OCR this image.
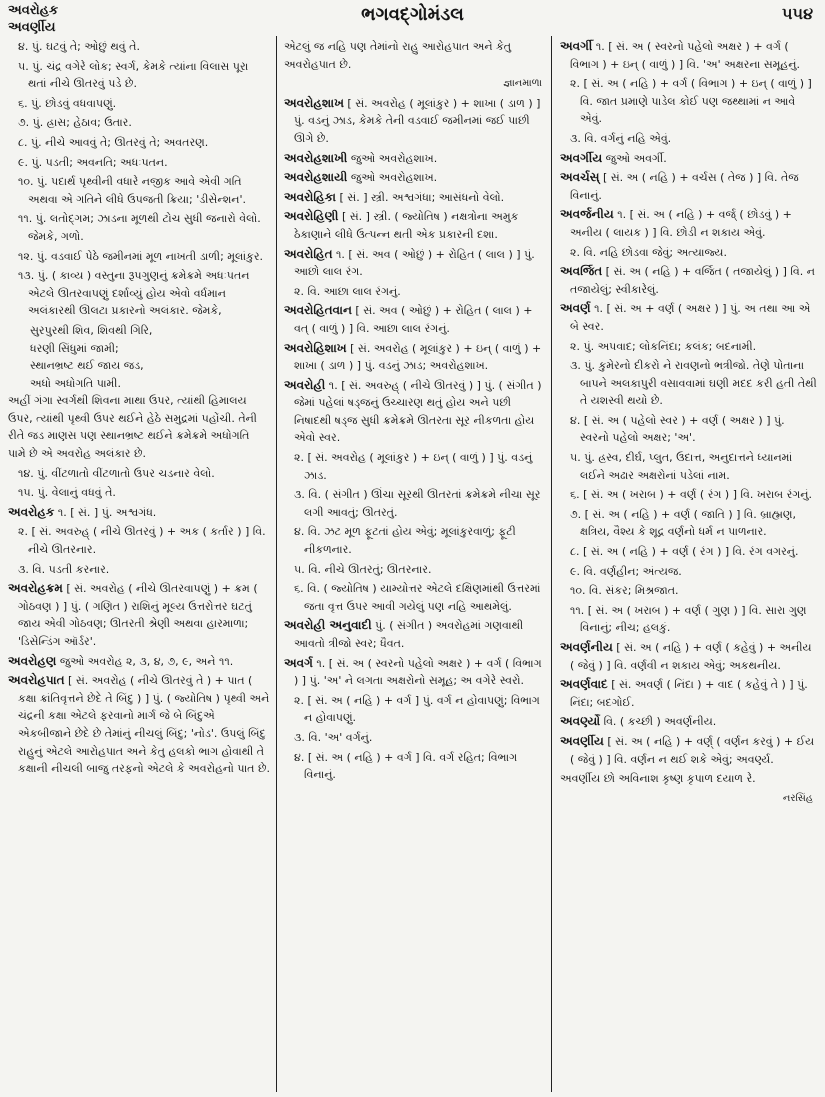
અવરોહક
અવર્ણીય
ભગવદ્ગોમંડલ	૫૫૪
૪. પું. ઘટવું તે; ઓછું થવું તે.
૫. પું. ચંદ્ર વગેરે લોક; સ્વર્ગ, કેમકે ત્યાંના વિલાસ પૂરા થતાં નીચે ઊતરવું પડે છે.
૬. પું. છોડવું વધવાપણું.
૭. પું. હ્રાસ; હેઠાવ; ઉતાર.
૮. પું. નીચે આવવું તે; ઊતરવું તે; અવતરણ.
૯. પું. પડતી; અવનતિ; અધઃપતન.
૧૦. પું. પદાર્થ પૃથ્વીની વધારે નજીક આવે એવી ગતિ અથવા એ ગતિને લીધે ઉપજતી ક્રિયા; 'ડીસેન્શન'.
૧૧. પું. લતોદ્ગમ; ઝાડના મૂળથી ટોચ સુધી જનારો વેલો. જેમકે, ગળો.
૧૨. પું. વડવાઈ પેઠે જમીનમાં મૂળ નાખતી ડાળી; મૂલાંકુર.
૧૩. પું. ( કાવ્ય ) વસ્તુના રૂપગુણનું ક્રમેક્રમે અધઃપતન એટલે ઊતરવાપણું દર્શાવ્યું હોય એવો વર્ધમાન અલંકારથી ઊલટા પ્રકારનો અલંકાર. જેમકે,
સુરપુરથી શિવ, શિવથી ગિરિ,
ધરણી સિંધુમાં જામી;
સ્થાનભ્રષ્ટ થઈ જાય જડ,
અધો અધોગતિ પામી.
અહીં ગંગા સ્વર્ગથી શિવના માથા ઉપર, ત્યાંથી હિમાલય ઉપર, ત્યાંથી પૃથ્વી ઉપર થઈને હેઠે સમુદ્રમાં પહોંચી. તેની રીતે જડ માણસ પણ સ્થાનભ્રષ્ટ થઈને ક્રમેક્રમે અધોગતિ પામે છે એ અવરોહ અલંકાર છે.
૧૪. પું. વીંટળાતો વીંટળાતો ઉપર ચડનાર વેલો.
૧૫. પું. વેલાનું વધવું તે.
અવરોહક ૧. [ સં. ] પું. અશ્વગંધ.
૨. [ સં. અવરુહ્ ( નીચે ઊતરવું ) + અક ( કર્તાર ) ] વિ. નીચે ઊતરનાર.
૩. વિ. પડતી કરનાર.
અવરોહક્રમ [ સં. અવરોહ ( નીચે ઊતરવાપણું ) + ક્રમ ( ગોઠવણ ) ] પું. ( ગણિત ) રાશિનું મૂલ્ય ઉત્તરોત્તર ઘટતું જાય એવી ગોઠવણ; ઊતરતી શ્રેણી અથવા હારમાળા; 'ડિસેન્ડિંગ ઑર્ડર'.
અવરોહણ જુઓ અવરોહ ૨, ૩, ૪, ૭, ૯, અને ૧૧.
અવરોહપાત [ સં. અવરોહ ( નીચે ઊતરવું તે ) + પાત ( કક્ષા ક્રાંતિવૃત્તને છેદે તે બિંદુ ) ] પું. ( જ્યોતિષ ) પૃથ્વી અને ચંદ્રની કક્ષા એટલે ફરવાનો માર્ગ જે બે બિંદુએ એકબીજાને છેદે છે તેમાંનું નીચલું બિંદુ; 'નોડ'. ઉપલું બિંદુ રાહુનું એટલે આરોહપાત અને કેતુ હલકો ભાગ હોવાથી તે કક્ષાની નીચલી બાજુ તરફનો એટલે કે અવરોહનો પાત છે.
એટલું જ નહિ પણ તેમાંનો રાહુ આરોહપાત અને કેતુ અવરોહપાત છે.
જ્ઞાનમાળા
અવરોહશાખ [ સં. અવરોહ ( મૂલાંકુર ) + શાખા ( ડાળ ) ] પું. વડનું ઝાડ, કેમકે તેની વડવાઈ જમીનમાં જઈ પાછી ઊગે છે.
અવરોહશાખી જુઓ અવરોહશાખ.
અવરોહશાયી જુઓ અવરોહશાખ.
અવરોહિકા [ સં. ] સ્ત્રી. અશ્વગંધા; આસંધનો વેલો.
અવરોહિણી [ સં. ] સ્ત્રી. ( જ્યોતિષ ) નક્ષત્રોના અમુક ઠેકાણાને લીધે ઉત્પન્ન થતી એક પ્રકારની દશા.
અવરોહિત ૧. [ સં. અવ ( ઓછું ) + રોહિત ( લાલ ) ] પું. આછો લાલ રંગ.
૨. વિ. આછા લાલ રંગનું.
અવરોહિતવાન [ સં. અવ ( ઓછું ) + રોહિત ( લાલ ) + વત્ ( વાળું ) ] વિ. આછા લાલ રંગનું.
અવરોહિશાખ [ સં. અવરોહ ( મૂલાંકુર ) + ઇન્ ( વાળું ) + શાખા ( ડાળ ) ] પું. વડનું ઝાડ; અવરોહશાખ.
અવરોહી ૧. [ સં. અવરુહ્ ( નીચે ઊતરવું ) ] પું. ( સંગીત ) જેમાં પહેલાં ષડ્જનું ઉચ્ચારણ થતું હોય અને પછી નિષાદથી ષડ્જ સુધી ક્રમેક્રમે ઊતરતા સૂર નીકળતા હોય એવો સ્વર.
૨. [ સં. અવરોહ ( મૂલાંકુર ) + ઇન્ ( વાળું ) ] પું. વડનું ઝાડ.
૩. વિ. ( સંગીત ) ઊંચા સૂરથી ઊતરતાં ક્રમેક્રમે નીચા સૂર લગી આવતું; ઊતરતું.
૪. વિ. ઝટ મૂળ ફૂટતાં હોય એવું; મૂલાંકુરવાળું; ફૂટી નીકળનાર.
૫. વિ. નીચે ઊતરતું; ઊતરનાર.
૬. વિ. ( જ્યોતિષ ) યામ્યોત્તર એટલે દક્ષિણમાંથી ઉત્તરમાં જતા વૃત્ત ઉપર આવી ગયેલું પણ નહિ આથમેલું.
અવરોહી અનુવાદી પું. ( સંગીત ) અવરોહમાં ગણવાથી આવતો ત્રીજો સ્વર; ધૈવત.
અવર્ગ ૧. [ સં. અ ( સ્વરનો પહેલો અક્ષર ) + વર્ગ ( વિભાગ ) ] પું. 'અ' ને લગતા અક્ષરોનો સમૂહ; અ વગેરે સ્વરો.
૨. [ સં. અ ( નહિ ) + વર્ગ ] પું. વર્ગ ન હોવાપણું; વિભાગ ન હોવાપણું.
૩. વિ. 'અ' વર્ગનું.
૪. [ સં. અ ( નહિ ) + વર્ગ ] વિ. વર્ગ રહિત; વિભાગ વિનાનું.
અવર્ગી ૧. [ સં. અ ( સ્વરનો પહેલો અક્ષર ) + વર્ગ ( વિભાગ ) + ઇન્ ( વાળું ) ] વિ. 'અ' અક્ષરના સમૂહનું.
૨. [ સં. અ ( નહિ ) + વર્ગ ( વિભાગ ) + ઇન્ ( વાળું ) ] વિ. જાત પ્રમાણે પાડેલ કોઈ પણ જથ્થામાં ન આવે એવું.
૩. વિ. વર્ગનું નહિ એવું.
અવર્ગીય જુઓ અવર્ગી.
અવર્ચસ્ [ સં. અ ( નહિ ) + વર્ચસ ( તેજ ) ] વિ. તેજ વિનાનું.
અવર્જનીય ૧. [ સં. અ ( નહિ ) + વર્જ્ ( છોડવું ) + અનીય ( લાયક ) ] વિ. છોડી ન શકાય એવું.
૨. વિ. નહિ છોડવા જેવું; અત્યાજ્ય.
અવર્જિત [ સં. અ ( નહિ ) + વર્જિત ( તજાયેલું ) ] વિ. ન તજાયેલું; સ્વીકારેલું.
અવર્ણ ૧. [ સં. અ + વર્ણ ( અક્ષર ) ] પું. અ તથા આ એ બે સ્વર.
૨. પું. અપવાદ; લોકનિંદા; કલંક; બદનામી.
૩. પું. કુમેરનો દીકરો ને રાવણનો ભત્રીજો. તેણે પોતાના બાપને અલકાપુરી વસાવવામાં ઘણી મદદ કરી હતી તેથી તે યશસ્વી થયો છે.
૪. [ સં. અ ( પહેલો સ્વર ) + વર્ણ ( અક્ષર ) ] પું. સ્વરનો પહેલો અક્ષર; 'અ'.
૫. પું. હ્રસ્વ, દીર્ઘ, પ્લુત, ઉદાત્ત, અનુદાત્તને ધ્યાનમાં લઈને અઢાર અક્ષરોનાં પડેલાં નામ.
૬. [ સં. અ ( ખરાબ ) + વર્ણ ( રંગ ) ] વિ. ખરાબ રંગનું.
૭. [ સં. અ ( નહિ ) + વર્ણ ( જાતિ ) ] વિ. બ્રાહ્મણ, ક્ષત્રિય, વૈશ્ય કે શૂદ્ર વર્ણનો ધર્મ ન પાળનાર.
૮. [ સં. અ ( નહિ ) + વર્ણ ( રંગ ) ] વિ. રંગ વગરનું.
૯. વિ. વર્ણહીન; અંત્યજ.
૧૦. વિ. સંકર; મિશ્રજાત.
૧૧. [ સં. અ ( ખરાબ ) + વર્ણ ( ગુણ ) ] વિ. સારા ગુણ વિનાનું; નીચ; હલકું.
અવર્ણનીય [ સં. અ ( નહિ ) + વર્ણ ( કહેવું ) + અનીય ( જેવું ) ] વિ. વર્ણવી ન શકાય એવું; અકથનીય.
અવર્ણવાદ [ સં. અવર્ણ ( નિંદા ) + વાદ ( કહેવું તે ) ] પું. નિંદા; બદગોઈ.
અવર્ણ્યો વિ. ( કચ્છી ) અવર્ણનીય.
અવર્ણીય [ સં. અ ( નહિ ) + વર્ણ્ ( વર્ણન કરવું ) + ઈય ( જેવું ) ] વિ. વર્ણન ન થઈ શકે એવું; અવર્ણ્ય.
અવર્ણીય છો અવિનાશ કૃષ્ણ કૃપાળ દયાળ રે.
નરસિંહ
